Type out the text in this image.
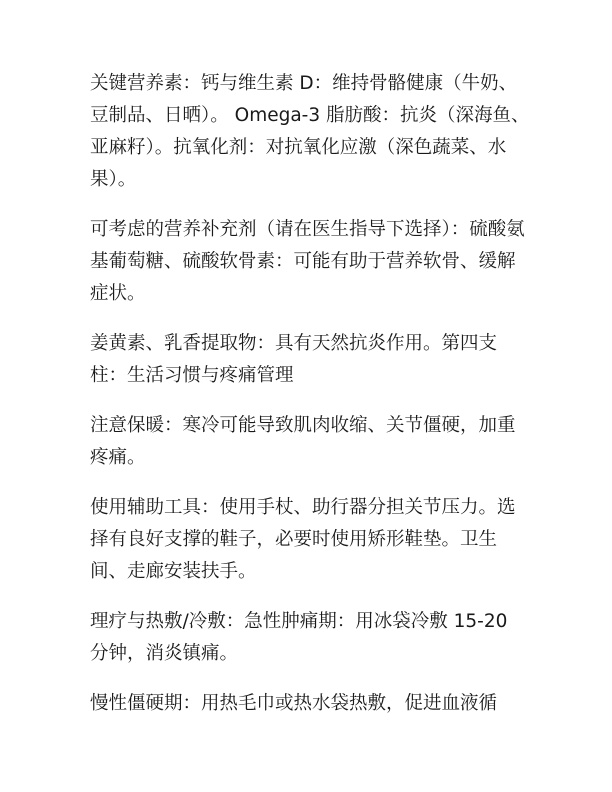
关键营养素：钙与维生素 D：维持骨骼健康（牛奶、豆制品、日晒）。 Omega-3 脂肪酸：抗炎（深海鱼、亚麻籽）。抗氧化剂：对抗氧化应激（深色蔬菜、水果）。

可考虑的营养补充剂（请在医生指导下选择）：硫酸氨基葡萄糖、硫酸软骨素：可能有助于营养软骨、缓解症状。

姜黄素、乳香提取物：具有天然抗炎作用。第四支柱：生活习惯与疼痛管理

注意保暖：寒冷可能导致肌肉收缩、关节僵硬，加重疼痛。

使用辅助工具：使用手杖、助行器分担关节压力。选择有良好支撑的鞋子，必要时使用矫形鞋垫。卫生间、走廊安装扶手。

理疗与热敷/冷敷：急性肿痛期：用冰袋冷敷 15-20 分钟，消炎镇痛。

慢性僵硬期：用热毛巾或热水袋热敷，促进血液循
